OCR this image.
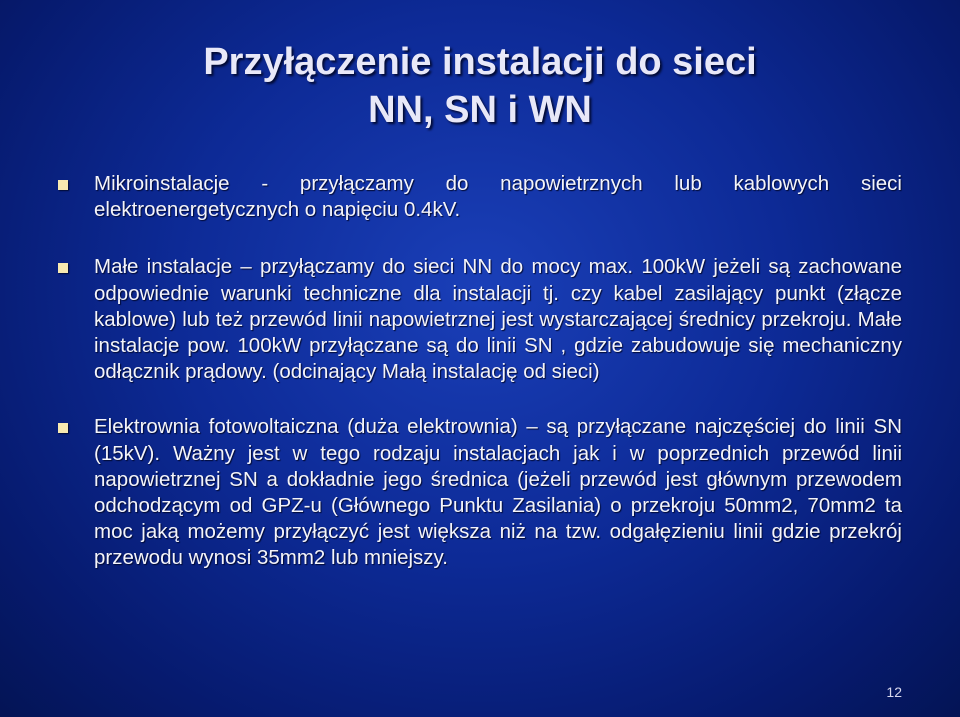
Przyłączenie instalacji do sieci
NN, SN i WN
Mikroinstalacje - przyłączamy do napowietrznych lub kablowych sieci elektroenergetycznych o napięciu 0.4kV.
Małe instalacje – przyłączamy do sieci NN do mocy max. 100kW jeżeli są zachowane odpowiednie warunki techniczne dla instalacji tj. czy kabel zasilający punkt (złącze kablowe) lub też przewód linii napowietrznej jest wystarczającej średnicy przekroju. Małe instalacje pow. 100kW przyłączane są do linii SN , gdzie zabudowuje się mechaniczny odłącznik prądowy. (odcinający Małą instalację od sieci)
Elektrownia fotowoltaiczna (duża elektrownia) – są przyłączane najczęściej do linii SN (15kV). Ważny jest w tego rodzaju instalacjach jak i w poprzednich przewód linii napowietrznej SN a dokładnie jego średnica (jeżeli przewód jest głównym przewodem odchodzącym od GPZ-u (Głównego Punktu Zasilania) o przekroju 50mm2, 70mm2 ta moc jaką możemy przyłączyć jest większa niż na tzw. odgałęzieniu linii gdzie przekrój przewodu wynosi 35mm2 lub mniejszy.
12
